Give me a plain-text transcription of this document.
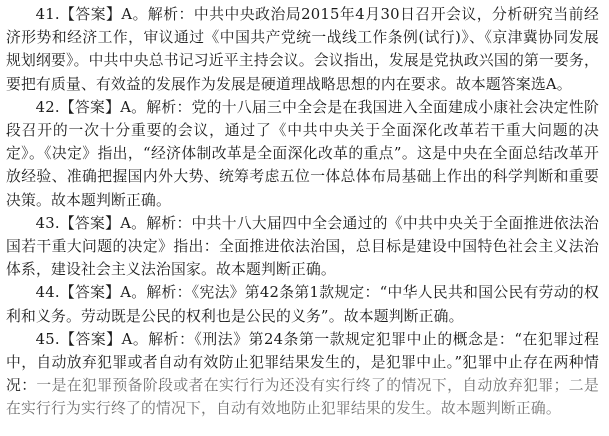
41.【答案】A。解析：中共中央政治局2015年4月30日召开会议，分析研究当前经济形势和经济工作，审议通过《中国共产党统一战线工作条例(试行)》、《京津冀协同发展规划纲要》。中共中央总书记习近平主持会议。会议指出，发展是党执政兴国的第一要务，要把有质量、有效益的发展作为发展是硬道理战略思想的内在要求。故本题答案选A。

42.【答案】A。解析：党的十八届三中全会是在我国进入全面建成小康社会决定性阶段召开的一次十分重要的会议，通过了《中共中央关于全面深化改革若干重大问题的决定》。《决定》指出，“经济体制改革是全面深化改革的重点”。这是中央在全面总结改革开放经验、准确把握国内外大势、统筹考虑五位一体总体布局基础上作出的科学判断和重要决策。故本题判断正确。

43.【答案】A。解析：中共十八大届四中全会通过的《中共中央关于全面推进依法治国若干重大问题的决定》指出：全面推进依法治国，总目标是建设中国特色社会主义法治体系，建设社会主义法治国家。故本题判断正确。

44.【答案】A。解析：《宪法》第42条第1款规定：“中华人民共和国公民有劳动的权利和义务。劳动既是公民的权利也是公民的义务”。故本题判断正确。

45.【答案】A。解析：《刑法》第24条第一款规定犯罪中止的概念是：“在犯罪过程中，自动放弃犯罪或者自动有效防止犯罪结果发生的，是犯罪中止。”犯罪中止存在两种情况：一是在犯罪预备阶段或者在实行行为还没有实行终了的情况下，自动放弃犯罪；二是在实行行为实行终了的情况下，自动有效地防止犯罪结果的发生。故本题判断正确。
